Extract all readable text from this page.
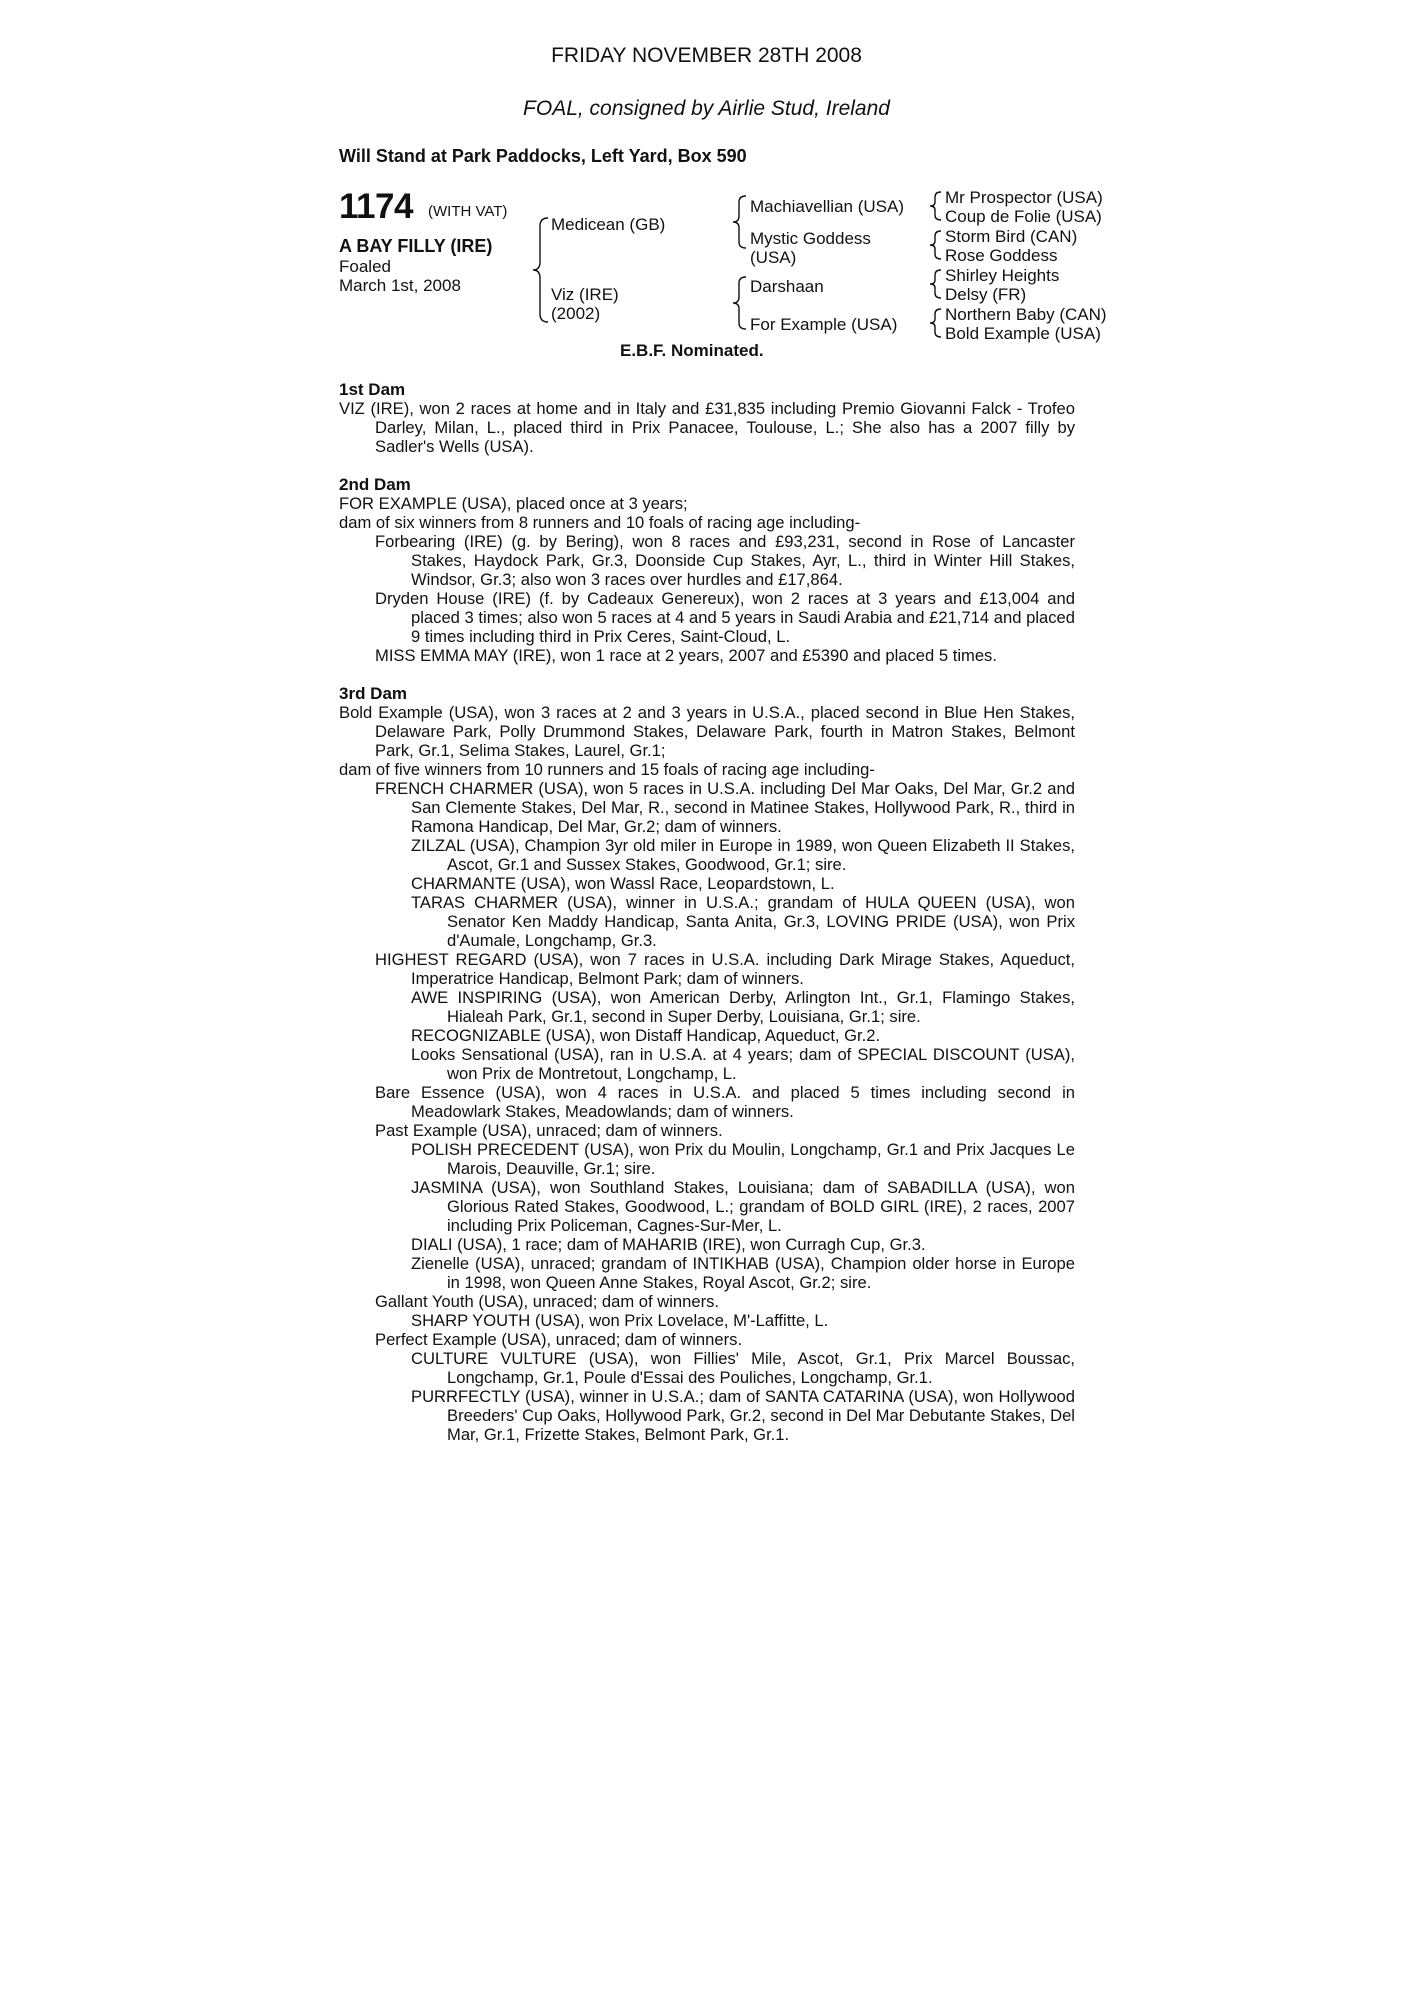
FRIDAY NOVEMBER 28TH 2008
FOAL, consigned by Airlie Stud, Ireland
Will Stand at Park Paddocks, Left Yard, Box 590
1174 (WITH VAT)
A BAY FILLY (IRE)
Foaled
March 1st, 2008
Medicean (GB)
Viz (IRE)
(2002)
Machiavellian (USA)
Mystic Goddess
(USA)
Darshaan
For Example (USA)
Mr Prospector (USA)
Coup de Folie (USA)
Storm Bird (CAN)
Rose Goddess
Shirley Heights
Delsy (FR)
Northern Baby (CAN)
Bold Example (USA)
E.B.F. Nominated.

1st Dam

VIZ (IRE), won 2 races at home and in Italy and £31,835 including Premio Giovanni Falck - Trofeo Darley, Milan, L., placed third in Prix Panacee, Toulouse, L.; She also has a 2007 filly by Sadler's Wells (USA).

2nd Dam

FOR EXAMPLE (USA), placed once at 3 years;

dam of six winners from 8 runners and 10 foals of racing age including-

Forbearing (IRE) (g. by Bering), won 8 races and £93,231, second in Rose of Lancaster Stakes, Haydock Park, Gr.3, Doonside Cup Stakes, Ayr, L., third in Winter Hill Stakes, Windsor, Gr.3; also won 3 races over hurdles and £17,864.

Dryden House (IRE) (f. by Cadeaux Genereux), won 2 races at 3 years and £13,004 and placed 3 times; also won 5 races at 4 and 5 years in Saudi Arabia and £21,714 and placed 9 times including third in Prix Ceres, Saint-Cloud, L.

MISS EMMA MAY (IRE), won 1 race at 2 years, 2007 and £5390 and placed 5 times.

3rd Dam

Bold Example (USA), won 3 races at 2 and 3 years in U.S.A., placed second in Blue Hen Stakes, Delaware Park, Polly Drummond Stakes, Delaware Park, fourth in Matron Stakes, Belmont Park, Gr.1, Selima Stakes, Laurel, Gr.1;

dam of five winners from 10 runners and 15 foals of racing age including-

FRENCH CHARMER (USA), won 5 races in U.S.A. including Del Mar Oaks, Del Mar, Gr.2 and San Clemente Stakes, Del Mar, R., second in Matinee Stakes, Hollywood Park, R., third in Ramona Handicap, Del Mar, Gr.2; dam of winners.

ZILZAL (USA), Champion 3yr old miler in Europe in 1989, won Queen Elizabeth II Stakes, Ascot, Gr.1 and Sussex Stakes, Goodwood, Gr.1; sire.

CHARMANTE (USA), won Wassl Race, Leopardstown, L.

TARAS CHARMER (USA), winner in U.S.A.; grandam of HULA QUEEN (USA), won Senator Ken Maddy Handicap, Santa Anita, Gr.3, LOVING PRIDE (USA), won Prix d'Aumale, Longchamp, Gr.3.

HIGHEST REGARD (USA), won 7 races in U.S.A. including Dark Mirage Stakes, Aqueduct, Imperatrice Handicap, Belmont Park; dam of winners.

AWE INSPIRING (USA), won American Derby, Arlington Int., Gr.1, Flamingo Stakes, Hialeah Park, Gr.1, second in Super Derby, Louisiana, Gr.1; sire.

RECOGNIZABLE (USA), won Distaff Handicap, Aqueduct, Gr.2.

Looks Sensational (USA), ran in U.S.A. at 4 years; dam of SPECIAL DISCOUNT (USA), won Prix de Montretout, Longchamp, L.

Bare Essence (USA), won 4 races in U.S.A. and placed 5 times including second in Meadowlark Stakes, Meadowlands; dam of winners.

Past Example (USA), unraced; dam of winners.

POLISH PRECEDENT (USA), won Prix du Moulin, Longchamp, Gr.1 and Prix Jacques Le Marois, Deauville, Gr.1; sire.

JASMINA (USA), won Southland Stakes, Louisiana; dam of SABADILLA (USA), won Glorious Rated Stakes, Goodwood, L.; grandam of BOLD GIRL (IRE), 2 races, 2007 including Prix Policeman, Cagnes-Sur-Mer, L.

DIALI (USA), 1 race; dam of MAHARIB (IRE), won Curragh Cup, Gr.3.

Zienelle (USA), unraced; grandam of INTIKHAB (USA), Champion older horse in Europe in 1998, won Queen Anne Stakes, Royal Ascot, Gr.2; sire.

Gallant Youth (USA), unraced; dam of winners.

SHARP YOUTH (USA), won Prix Lovelace, M'-Laffitte, L.

Perfect Example (USA), unraced; dam of winners.

CULTURE VULTURE (USA), won Fillies' Mile, Ascot, Gr.1, Prix Marcel Boussac, Longchamp, Gr.1, Poule d'Essai des Pouliches, Longchamp, Gr.1.

PURRFECTLY (USA), winner in U.S.A.; dam of SANTA CATARINA (USA), won Hollywood Breeders' Cup Oaks, Hollywood Park, Gr.2, second in Del Mar Debutante Stakes, Del Mar, Gr.1, Frizette Stakes, Belmont Park, Gr.1.
